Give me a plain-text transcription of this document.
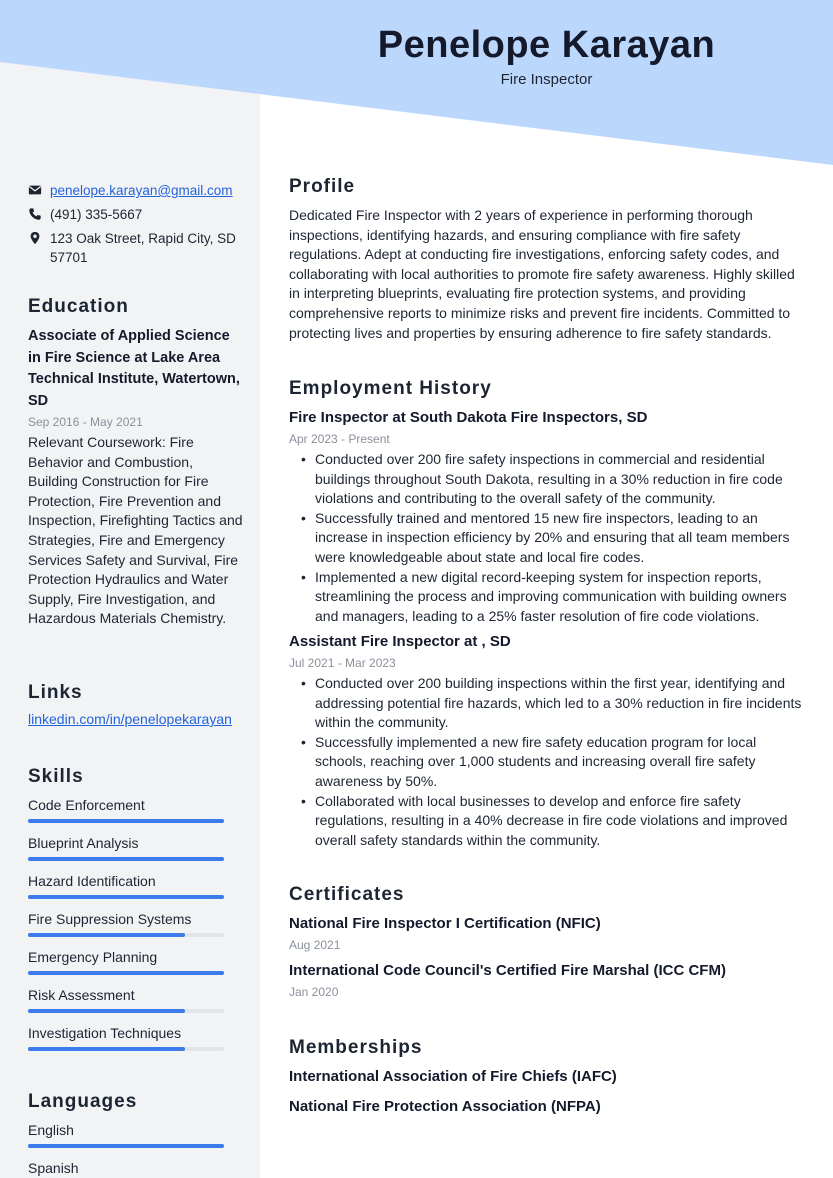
Penelope Karayan
Fire Inspector
penelope.karayan@gmail.com
(491) 335-5667
123 Oak Street, Rapid City, SD 57701
Education
Associate of Applied Science in Fire Science at Lake Area Technical Institute, Watertown, SD
Sep 2016 - May 2021
Relevant Coursework: Fire Behavior and Combustion, Building Construction for Fire Protection, Fire Prevention and Inspection, Firefighting Tactics and Strategies, Fire and Emergency Services Safety and Survival, Fire Protection Hydraulics and Water Supply, Fire Investigation, and Hazardous Materials Chemistry.
Links
linkedin.com/in/penelopekarayan
Skills
Code Enforcement
Blueprint Analysis
Hazard Identification
Fire Suppression Systems
Emergency Planning
Risk Assessment
Investigation Techniques
Languages
English
Spanish
Profile
Dedicated Fire Inspector with 2 years of experience in performing thorough inspections, identifying hazards, and ensuring compliance with fire safety regulations. Adept at conducting fire investigations, enforcing safety codes, and collaborating with local authorities to promote fire safety awareness. Highly skilled in interpreting blueprints, evaluating fire protection systems, and providing comprehensive reports to minimize risks and prevent fire incidents. Committed to protecting lives and properties by ensuring adherence to fire safety standards.
Employment History
Fire Inspector at South Dakota Fire Inspectors, SD
Apr 2023 - Present
• Conducted over 200 fire safety inspections in commercial and residential buildings throughout South Dakota, resulting in a 30% reduction in fire code violations and contributing to the overall safety of the community.
• Successfully trained and mentored 15 new fire inspectors, leading to an increase in inspection efficiency by 20% and ensuring that all team members were knowledgeable about state and local fire codes.
• Implemented a new digital record-keeping system for inspection reports, streamlining the process and improving communication with building owners and managers, leading to a 25% faster resolution of fire code violations.
Assistant Fire Inspector at , SD
Jul 2021 - Mar 2023
• Conducted over 200 building inspections within the first year, identifying and addressing potential fire hazards, which led to a 30% reduction in fire incidents within the community.
• Successfully implemented a new fire safety education program for local schools, reaching over 1,000 students and increasing overall fire safety awareness by 50%.
• Collaborated with local businesses to develop and enforce fire safety regulations, resulting in a 40% decrease in fire code violations and improved overall safety standards within the community.
Certificates
National Fire Inspector I Certification (NFIC)
Aug 2021
International Code Council's Certified Fire Marshal (ICC CFM)
Jan 2020
Memberships
International Association of Fire Chiefs (IAFC)
National Fire Protection Association (NFPA)
